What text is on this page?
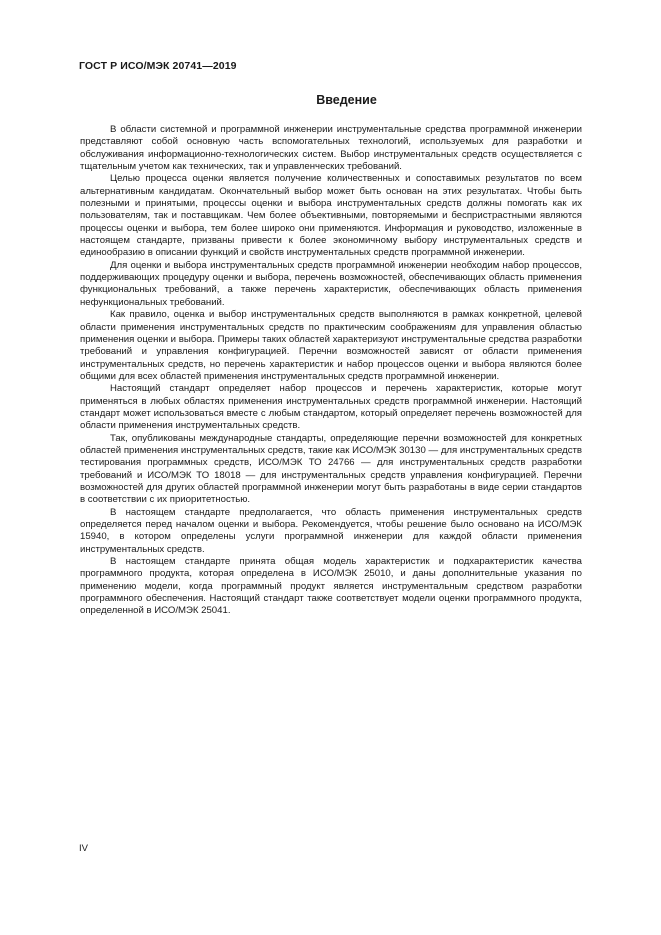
ГОСТ Р ИСО/МЭК 20741—2019
Введение

В области системной и программной инженерии инструментальные средства программной инженерии представляют собой основную часть вспомогательных технологий, используемых для разработки и обслуживания информационно-технологических систем. Выбор инструментальных средств осуществляется с тщательным учетом как технических, так и управленческих требований.

Целью процесса оценки является получение количественных и сопоставимых результатов по всем альтернативным кандидатам. Окончательный выбор может быть основан на этих результатах. Чтобы быть полезными и принятыми, процессы оценки и выбора инструментальных средств должны помогать как их пользователям, так и поставщикам. Чем более объективными, повторяемыми и беспристрастными являются процессы оценки и выбора, тем более широко они применяются. Информация и руководство, изложенные в настоящем стандарте, призваны привести к более экономичному выбору инструментальных средств и единообразию в описании функций и свойств инструментальных средств программной инженерии.

Для оценки и выбора инструментальных средств программной инженерии необходим набор процессов, поддерживающих процедуру оценки и выбора, перечень возможностей, обеспечивающих область применения функциональных требований, а также перечень характеристик, обеспечивающих область применения нефункциональных требований.

Как правило, оценка и выбор инструментальных средств выполняются в рамках конкретной, целевой области применения инструментальных средств по практическим соображениям для управления областью применения оценки и выбора. Примеры таких областей характеризуют инструментальные средства разработки требований и управления конфигурацией. Перечни возможностей зависят от области применения инструментальных средств, но перечень характеристик и набор процессов оценки и выбора являются более общими для всех областей применения инструментальных средств программной инженерии.

Настоящий стандарт определяет набор процессов и перечень характеристик, которые могут применяться в любых областях применения инструментальных средств программной инженерии. Настоящий стандарт может использоваться вместе с любым стандартом, который определяет перечень возможностей для области применения инструментальных средств.

Так, опубликованы международные стандарты, определяющие перечни возможностей для конкретных областей применения инструментальных средств, такие как ИСО/МЭК 30130 — для инструментальных средств тестирования программных средств, ИСО/МЭК ТО 24766 — для инструментальных средств разработки требований и ИСО/МЭК ТО 18018 — для инструментальных средств управления конфигурацией. Перечни возможностей для других областей программной инженерии могут быть разработаны в виде серии стандартов в соответствии с их приоритетностью.

В настоящем стандарте предполагается, что область применения инструментальных средств определяется перед началом оценки и выбора. Рекомендуется, чтобы решение было основано на ИСО/МЭК 15940, в котором определены услуги программной инженерии для каждой области применения инструментальных средств.

В настоящем стандарте принята общая модель характеристик и подхарактеристик качества программного продукта, которая определена в ИСО/МЭК 25010, и даны дополнительные указания по применению модели, когда программный продукт является инструментальным средством разработки программного обеспечения. Настоящий стандарт также соответствует модели оценки программного продукта, определенной в ИСО/МЭК 25041.

IV
